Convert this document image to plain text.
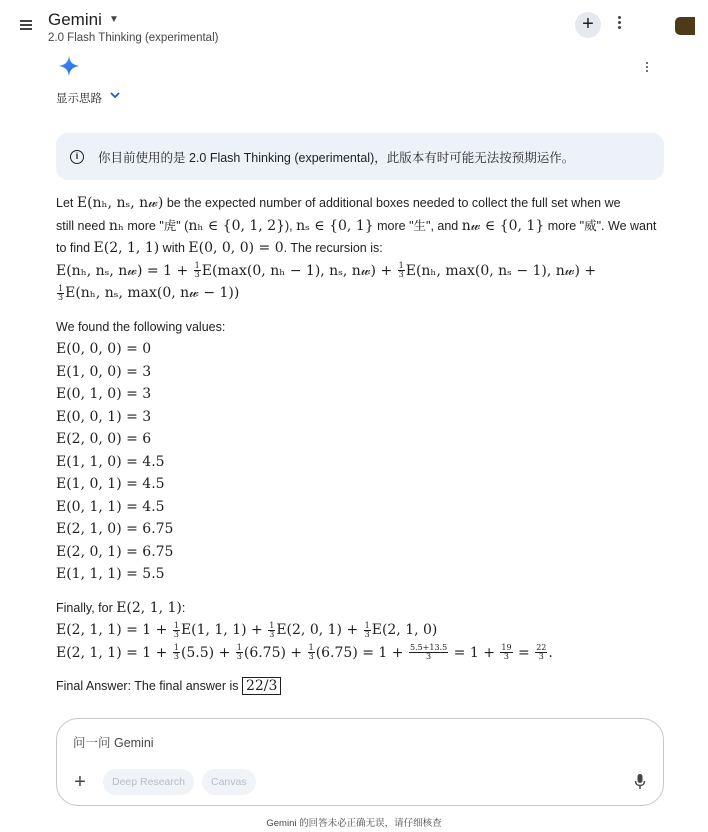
Gemini ▼
2.0 Flash Thinking (experimental)
+
显示思路
i	你目前使用的是 2.0 Flash Thinking (experimental)，此版本有时可能无法按预期运作。
Let E(nₕ, nₛ, n𝓌) be the expected number of additional boxes needed to collect the full set when we
still need nₕ more "虎" (nₕ ∈ {0, 1, 2}), nₛ ∈ {0, 1} more "生", and n𝓌 ∈ {0, 1} more "威". We want
to find E(2, 1, 1) with E(0, 0, 0) = 0. The recursion is:
E(nₕ, nₛ, n𝓌) = $1 + \frac{1}{3} E(\max(0$, nₕ − 1), nₛ, n𝓌) + $\frac{1}{3} E(n_h$, max(0, nₛ − 1), n𝓌) +
$\frac{1}{3} E(n_h$, nₛ, max(0, n𝓌 − 1))
We found the following values:
E(0, 0, 0) = 0
E(1, 0, 0) = 3
E(0, 1, 0) = 3
E(0, 0, 1) = 3
E(2, 0, 0) = 6
E(1, 1, 0) = 4.5
E(1, 0, 1) = 4.5
E(0, 1, 1) = 4.5
E(2, 1, 0) = 6.75
E(2, 0, 1) = 6.75
E(1, 1, 1) = 5.5
Finally, for E(2, 1, 1):
E(2, 1, $1) = 1 + \frac{1}{3} E(1$, 1, $1) + \frac{1}{3} E(2$, 0, $1) + \frac{1}{3} E(2$, 1, 0)
E(2, 1, $1) = 1 + \frac{1}{3} (5.5) + \frac{1}{3} (6.75) + \frac{1}{3} (6.75) = 1 + \frac{5.5+13.5}{3} = 1 + \frac{19}{3} = \frac{22}{3}$ .
Final Answer: The final answer is 22/3
问一问 Gemini
+	Deep Research	Canvas
Gemini 的回答未必正确无误，请仔细核查
